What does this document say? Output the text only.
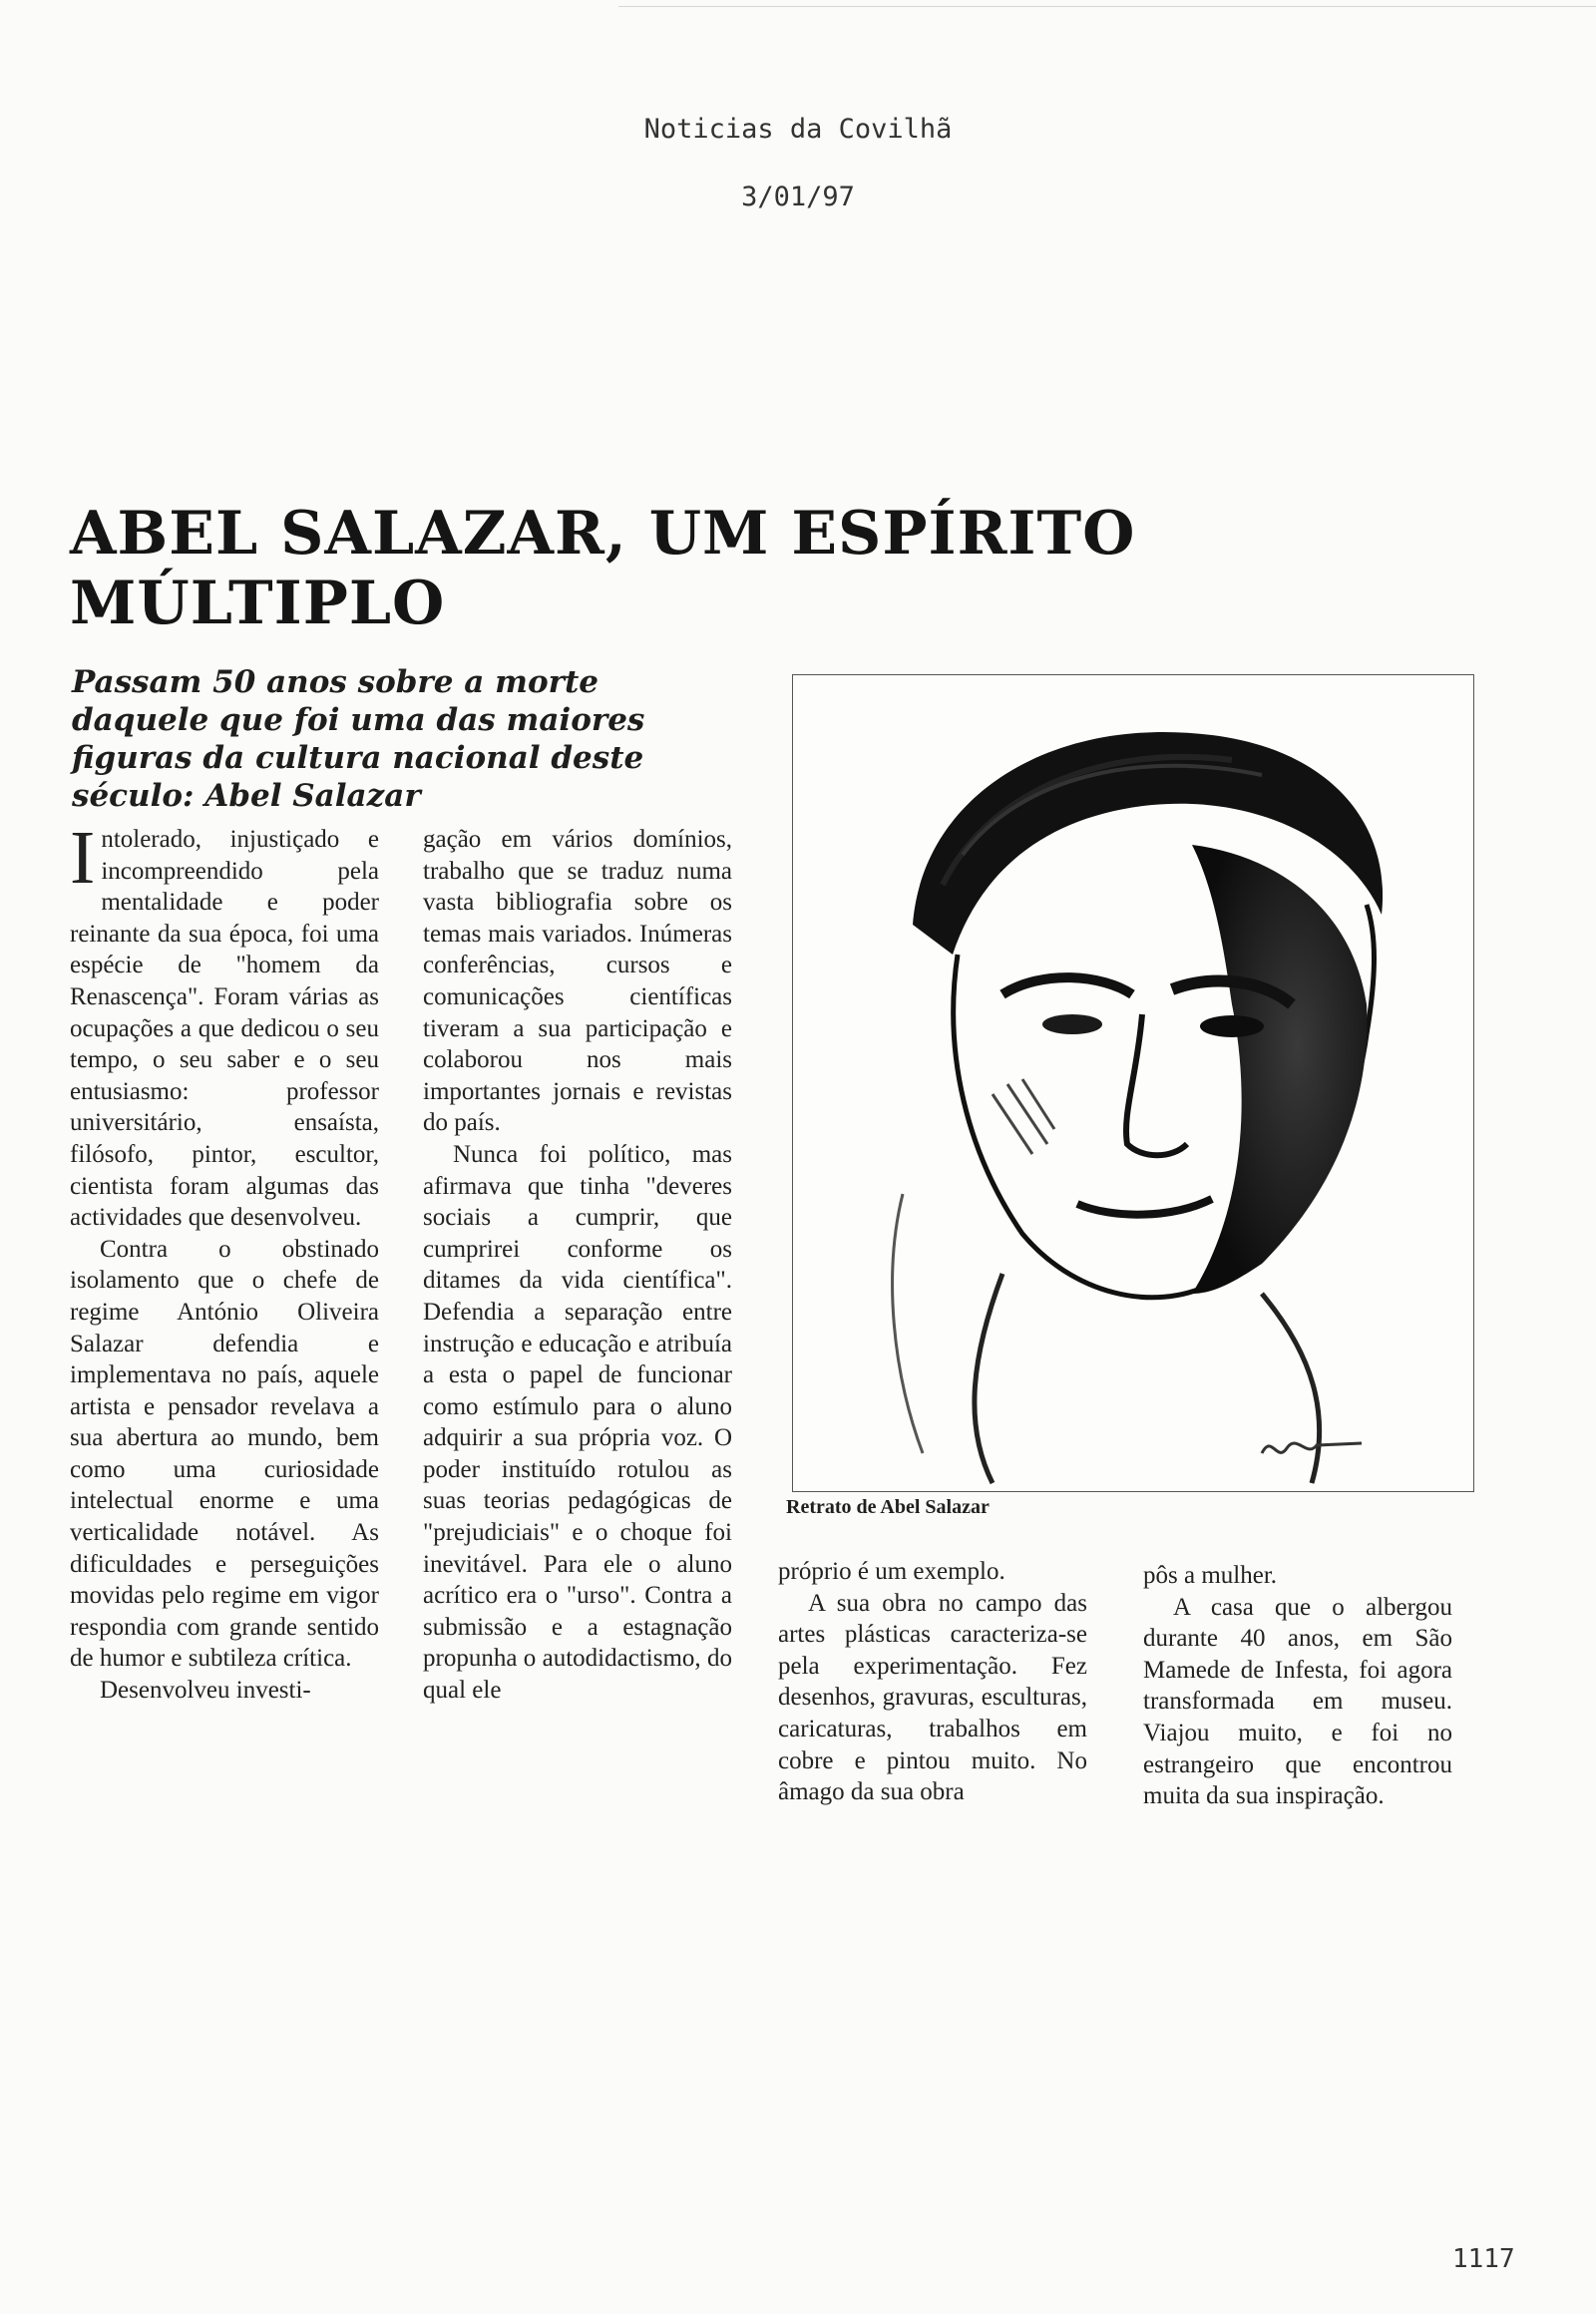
Noticias da Covilhã
3/01/97
ABEL SALAZAR, UM ESPÍRITO MÚLTIPLO
Passam 50 anos sobre a morte daquele que foi uma das maiores figuras da cultura nacional deste século: Abel Salazar

Intolerado, injustiçado e incompreendido pela mentalidade e poder reinante da sua época, foi uma espécie de "homem da Renascença". Foram várias as ocupações a que dedicou o seu tempo, o seu saber e o seu entusiasmo: professor universitário, ensaísta, filósofo, pintor, escultor, cientista foram algumas das actividades que desenvolveu.

Contra o obstinado isolamento que o chefe de regime António Oliveira Salazar defendia e implementava no país, aquele artista e pensador revelava a sua abertura ao mundo, bem como uma curiosidade intelectual enorme e uma verticalidade notável. As dificuldades e perseguições movidas pelo regime em vigor respondia com grande sentido de humor e subtileza crítica.

Desenvolveu investi-

gação em vários domínios, trabalho que se traduz numa vasta bibliografia sobre os temas mais variados. Inúmeras conferências, cursos e comunicações científicas tiveram a sua participação e colaborou nos mais importantes jornais e revistas do país.

Nunca foi político, mas afirmava que tinha "deveres sociais a cumprir, que cumprirei conforme os ditames da vida científica". Defendia a separação entre instrução e educação e atribuía a esta o papel de funcionar como estímulo para o aluno adquirir a sua própria voz. O poder instituído rotulou as suas teorias pedagógicas de "prejudiciais" e o choque foi inevitável. Para ele o aluno acrítico era o "urso". Contra a submissão e a estagnação propunha o autodidactismo, do qual ele

Retrato de Abel Salazar

próprio é um exemplo.

A sua obra no campo das artes plásticas caracteriza-se pela experimentação. Fez desenhos, gravuras, esculturas, caricaturas, trabalhos em cobre e pintou muito. No âmago da sua obra

pôs a mulher.

A casa que o albergou durante 40 anos, em São Mamede de Infesta, foi agora transformada em museu. Viajou muito, e foi no estrangeiro que encontrou muita da sua inspiração.

1117
